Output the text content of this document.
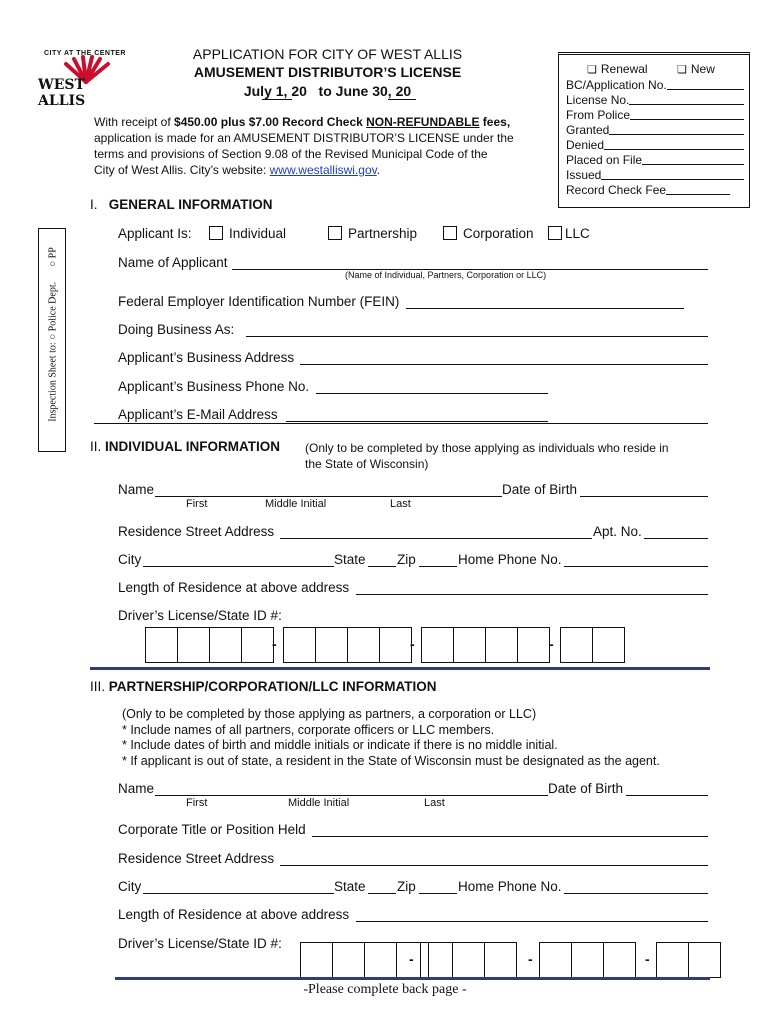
CITY AT THE CENTER
WEST ALLIS
APPLICATION FOR CITY OF WEST ALLIS
AMUSEMENT DISTRIBUTOR’S LICENSE
July 1, 20   to June 30, 20
With receipt of $450.00 plus $7.00 Record Check NON-REFUNDABLE fees,
application is made for an AMUSEMENT DISTRIBUTOR’S LICENSE under the
terms and provisions of Section 9.08 of the Revised Municipal Code of the
City of West Allis. City’s website: www.westalliswi.gov.
❏ Renewal	❏ New
BC/Application No.
License No.
From Police
Granted
Denied
Placed on File
Issued
Record Check Fee
Inspection Sheet to: ○ Police Dept.      ○ PP
I. GENERAL INFORMATION
Applicant Is:	Individual	Partnership	Corporation	LLC
Name of Applicant
(Name of Individual, Partners, Corporation or LLC)
Federal Employer Identification Number (FEIN)
Doing Business As:
Applicant’s Business Address
Applicant’s Business Phone No.
Applicant’s E-Mail Address
II. INDIVIDUAL INFORMATION (Only to be completed by those applying as individuals who reside in
the State of Wisconsin)
Name	Date of Birth
First	Middle Initial	Last
Residence Street Address	Apt. No.
City	State Zip	Home Phone No.
Length of Residence at above address
Driver’s License/State ID #:
-	-	-
III. PARTNERSHIP/CORPORATION/LLC INFORMATION
(Only to be completed by those applying as partners, a corporation or LLC)
* Include names of all partners, corporate officers or LLC members.
* Include dates of birth and middle initials or indicate if there is no middle initial.
* If applicant is out of state, a resident in the State of Wisconsin must be designated as the agent.
Name	Date of Birth
First	Middle Initial	Last
Corporate Title or Position Held
Residence Street Address
City	State Zip	Home Phone No.
Length of Residence at above address
Driver’s License/State ID #:
-	-	-
-Please complete back page -
